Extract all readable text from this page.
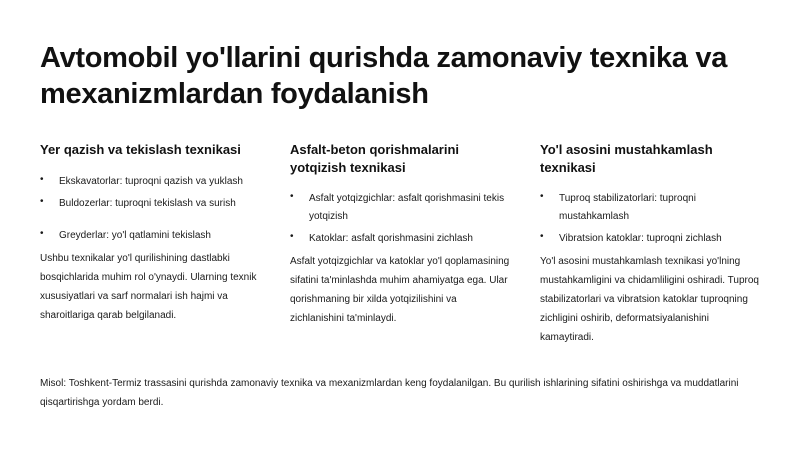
Avtomobil yo'llarini qurishda zamonaviy texnika va mexanizmlardan foydalanish
Yer qazish va tekislash texnikasi
• Ekskavatorlar: tuproqni qazish va yuklash
• Buldozerlar: tuproqni tekislash va surish
• Greyderlar: yo'l qatlamini tekislash

Ushbu texnikalar yo'l qurilishining dastlabki bosqichlarida muhim rol o'ynaydi. Ularning texnik xususiyatlari va sarf normalari ish hajmi va sharoitlariga qarab belgilanadi.

Asfalt-beton qorishmalarini yotqizish texnikasi
• Asfalt yotqizgichlar: asfalt qorishmasini tekis yotqizish
• Katoklar: asfalt qorishmasini zichlash

Asfalt yotqizgichlar va katoklar yo'l qoplamasining sifatini ta'minlashda muhim ahamiyatga ega. Ular qorishmaning bir xilda yotqizilishini va zichlanishini ta'minlaydi.

Yo'l asosini mustahkamlash texnikasi
• Tuproq stabilizatorlari: tuproqni mustahkamlash
• Vibratsion katoklar: tuproqni zichlash

Yo'l asosini mustahkamlash texnikasi yo'lning mustahkamligini va chidamliligini oshiradi. Tuproq stabilizatorlari va vibratsion katoklar tuproqning zichligini oshirib, deformatsiyalanishini kamaytiradi.

Misol: Toshkent-Termiz trassasini qurishda zamonaviy texnika va mexanizmlardan keng foydalanilgan. Bu qurilish ishlarining sifatini oshirishga va muddatlarini qisqartirishga yordam berdi.
